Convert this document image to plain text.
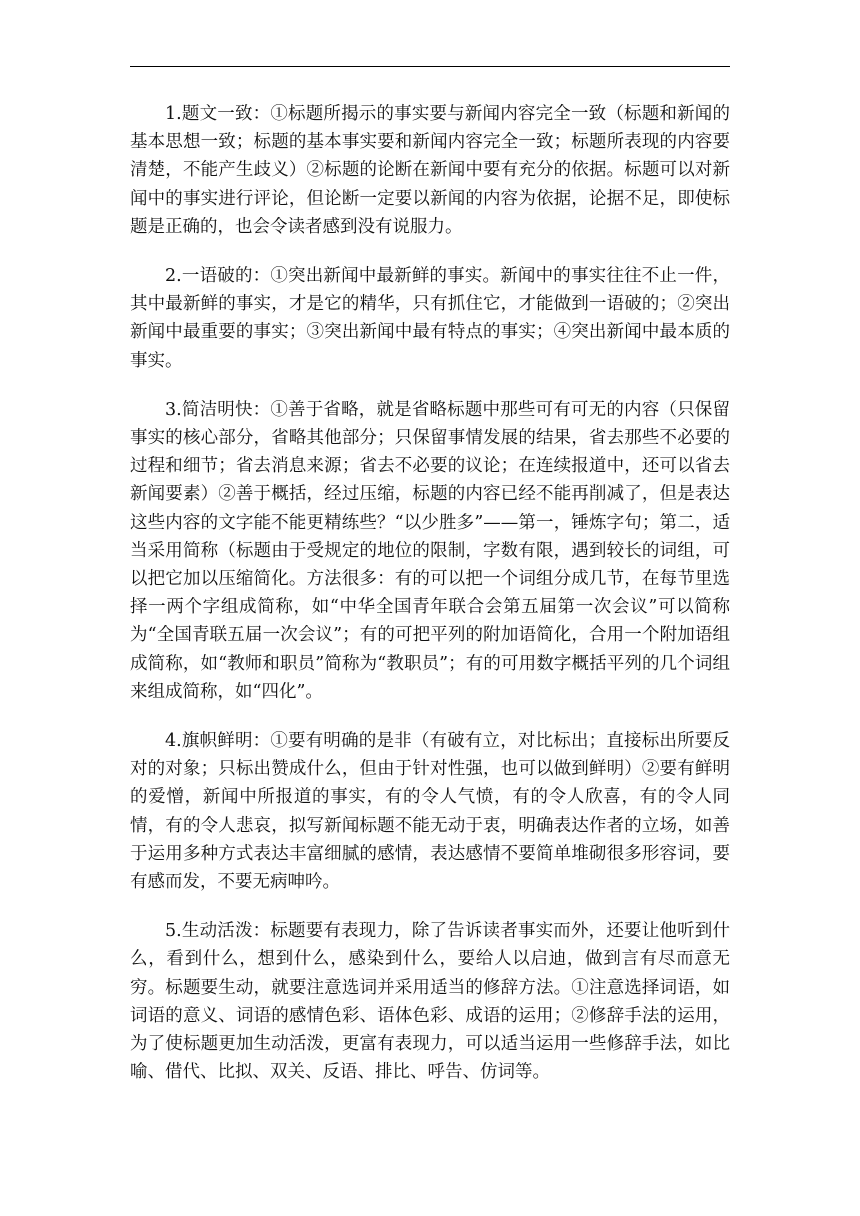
1.题文一致：①标题所揭示的事实要与新闻内容完全一致（标题和新闻的基本思想一致；标题的基本事实要和新闻内容完全一致；标题所表现的内容要清楚，不能产生歧义）②标题的论断在新闻中要有充分的依据。标题可以对新闻中的事实进行评论，但论断一定要以新闻的内容为依据，论据不足，即使标题是正确的，也会令读者感到没有说服力。

2.一语破的：①突出新闻中最新鲜的事实。新闻中的事实往往不止一件，其中最新鲜的事实，才是它的精华，只有抓住它，才能做到一语破的；②突出新闻中最重要的事实；③突出新闻中最有特点的事实；④突出新闻中最本质的事实。

3.简洁明快：①善于省略，就是省略标题中那些可有可无的内容（只保留事实的核心部分，省略其他部分；只保留事情发展的结果，省去那些不必要的过程和细节；省去消息来源；省去不必要的议论；在连续报道中，还可以省去新闻要素）②善于概括，经过压缩，标题的内容已经不能再削减了，但是表达这些内容的文字能不能更精练些？“以少胜多”——第一，锤炼字句；第二，适当采用简称（标题由于受规定的地位的限制，字数有限，遇到较长的词组，可以把它加以压缩简化。方法很多：有的可以把一个词组分成几节，在每节里选择一两个字组成简称，如“中华全国青年联合会第五届第一次会议”可以简称为“全国青联五届一次会议”；有的可把平列的附加语简化，合用一个附加语组成简称，如“教师和职员”简称为“教职员”；有的可用数字概括平列的几个词组来组成简称，如“四化”。

4.旗帜鲜明：①要有明确的是非（有破有立，对比标出；直接标出所要反对的对象；只标出赞成什么，但由于针对性强，也可以做到鲜明）②要有鲜明的爱憎，新闻中所报道的事实，有的令人气愤，有的令人欣喜，有的令人同情，有的令人悲哀，拟写新闻标题不能无动于衷，明确表达作者的立场，如善于运用多种方式表达丰富细腻的感情，表达感情不要简单堆砌很多形容词，要有感而发，不要无病呻吟。

5.生动活泼：标题要有表现力，除了告诉读者事实而外，还要让他听到什么，看到什么，想到什么，感染到什么，要给人以启迪，做到言有尽而意无穷。标题要生动，就要注意选词并采用适当的修辞方法。①注意选择词语，如词语的意义、词语的感情色彩、语体色彩、成语的运用；②修辞手法的运用，为了使标题更加生动活泼，更富有表现力，可以适当运用一些修辞手法，如比喻、借代、比拟、双关、反语、排比、呼告、仿词等。
